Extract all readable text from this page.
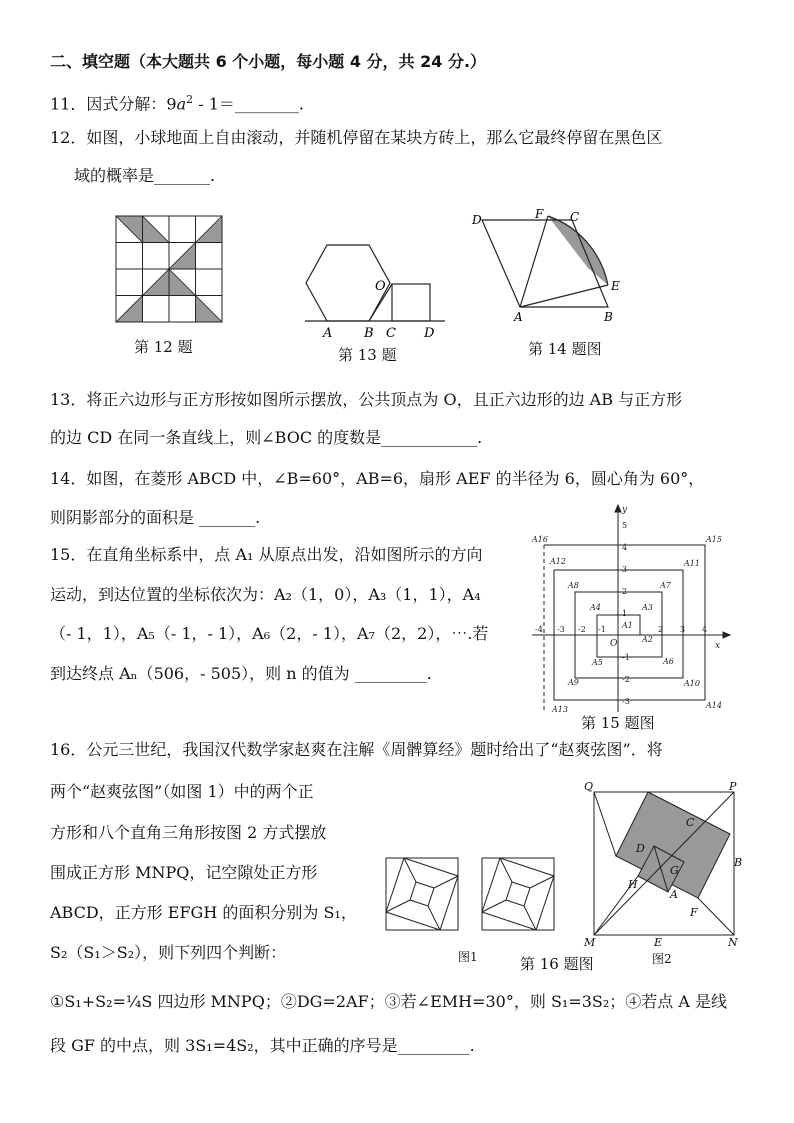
二、填空题（本大题共 6 个小题，每小题 4 分，共 24 分.）
11．因式分解：$9a^2$ - 1＝________.
12．如图，小球地面上自由滚动，并随机停留在某块方砖上，那么它最终停留在黑色区
域的概率是_______.
第 12 题
A B C D
O
第 13 题
D	F C
E
A	B
第 14 题图
13．将正六边形与正方形按如图所示摆放，公共顶点为 O，且正六边形的边 AB 与正方形
的边 CD 在同一条直线上，则∠BOC 的度数是____________.
14．如图，在菱形 ABCD 中，∠B=60°，AB=6，扇形 AEF 的半径为 6，圆心角为 60°，
则阴影部分的面积是 _______.
15．在直角坐标系中，点 A₁ 从原点出发，沿如图所示的方向
运动，到达位置的坐标依次为：A₂（1，0），A₃（1，1），A₄
（- 1，1），A₅（- 1，- 1），A₆（2，- 1），A₇（2，2），⋯.若
到达终点 Aₙ（506，- 505），则 n 的值为 _________.
x
y
O
5
4
3
2
1
-1
-2
-3
-4 -3 -2 -1	2 3 4
A16
A12
A15
A11
A7
A8
A4	A3
A1
A2
A5	A6
A9	A10
A13	A14
第 15 题图
16．公元三世纪，我国汉代数学家赵爽在注解《周髀算经》题时给出了“赵爽弦图”．将
两个“赵爽弦图”（如图 1）中的两个正
方形和八个直角三角形按图 2 方式摆放
围成正方形 MNPQ，记空隙处正方形
ABCD，正方形 EFGH 的面积分别为 S₁，
S₂（S₁＞S₂），则下列四个判断：
①S₁+S₂=¼S 四边形 MNPQ；②DG=2AF；③若∠EMH=30°，则 S₁=3S₂；④若点 A 是线
段 GF 的中点，则 3S₁=4S₂，其中正确的序号是_________.
图1
Q	P
C
D
G
B
H
A
F
M	E	N
第 16 题图	图2
